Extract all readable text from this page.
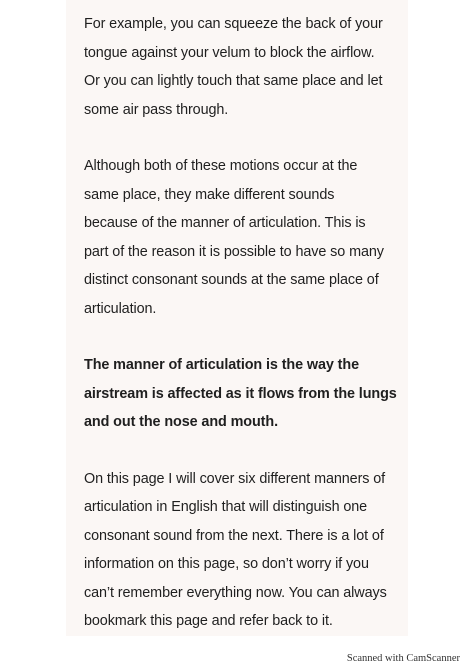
For example, you can squeeze the back of your
tongue against your velum to block the airflow.
Or you can lightly touch that same place and let
some air pass through.

Although both of these motions occur at the
same place, they make different sounds
because of the manner of articulation. This is
part of the reason it is possible to have so many
distinct consonant sounds at the same place of
articulation.

The manner of articulation is the way the
airstream is affected as it flows from the lungs
and out the nose and mouth.

On this page I will cover six different manners of
articulation in English that will distinguish one
consonant sound from the next. There is a lot of
information on this page, so don’t worry if you
can’t remember everything now. You can always
bookmark this page and refer back to it.

Scanned with CamScanner
